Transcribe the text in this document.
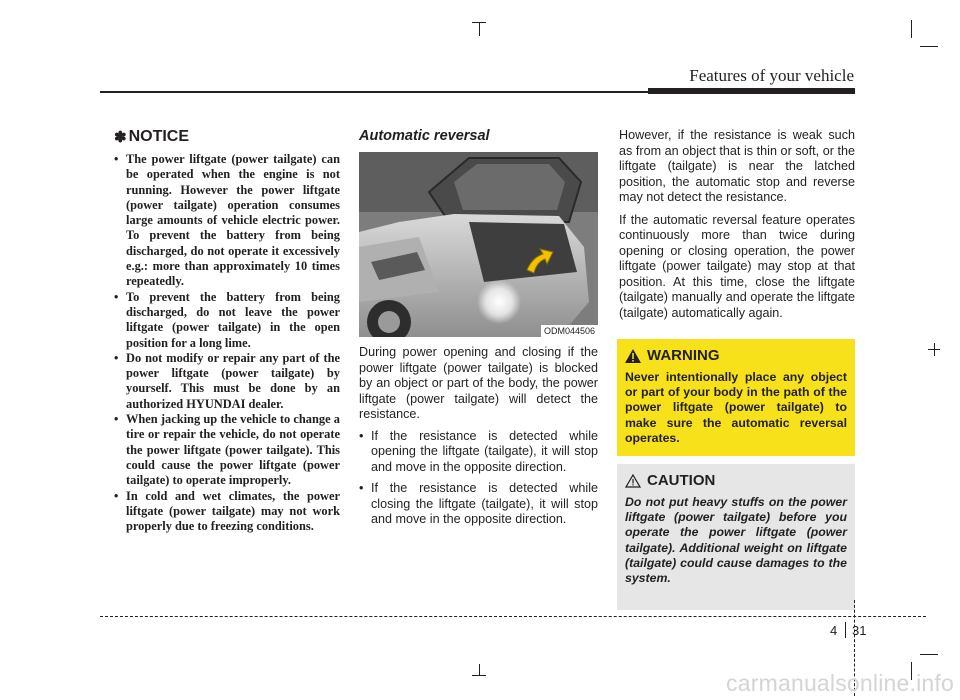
Features of your vehicle
✽ NOTICE
• The power liftgate (power tailgate) can be operated when the engine is not running. However the power liftgate (power tailgate) operation consumes large amounts of vehicle electric power. To prevent the battery from being discharged, do not operate it excessively e.g.: more than approximately 10 times repeatedly.
• To prevent the battery from being discharged, do not leave the power liftgate (power tailgate) in the open position for a long lime.
• Do not modify or repair any part of the power liftgate (power tailgate) by yourself. This must be done by an authorized HYUNDAI dealer.
• When jacking up the vehicle to change a tire or repair the vehicle, do not operate the power liftgate (power tailgate). This could cause the power liftgate (power tailgate) to operate improperly.
• In cold and wet climates, the power liftgate (power tailgate) may not work properly due to freezing conditions.
Automatic reversal
ODM044506

During power opening and closing if the power liftgate (power tailgate) is blocked by an object or part of the body, the power liftgate (power tailgate) will detect the resistance.

• If the resistance is detected while opening the liftgate (tailgate), it will stop and move in the opposite direction.
• If the resistance is detected while closing the liftgate (tailgate), it will stop and move in the opposite direction.

However, if the resistance is weak such as from an object that is thin or soft, or the liftgate (tailgate) is near the latched position, the automatic stop and reverse may not detect the resistance.

If the automatic reversal feature operates continuously more than twice during opening or closing operation, the power liftgate (power tailgate) may stop at that position. At this time, close the liftgate (tailgate) manually and operate the liftgate (tailgate) automatically again.

WARNING
Never intentionally place any object or part of your body in the path of the power liftgate (power tailgate) to make sure the automatic reversal operates.
CAUTION
Do not put heavy stuffs on the power liftgate (power tailgate) before you operate the power liftgate (power tailgate). Additional weight on liftgate (tailgate) could cause damages to the system.
4 31
carmanualsonline.info
